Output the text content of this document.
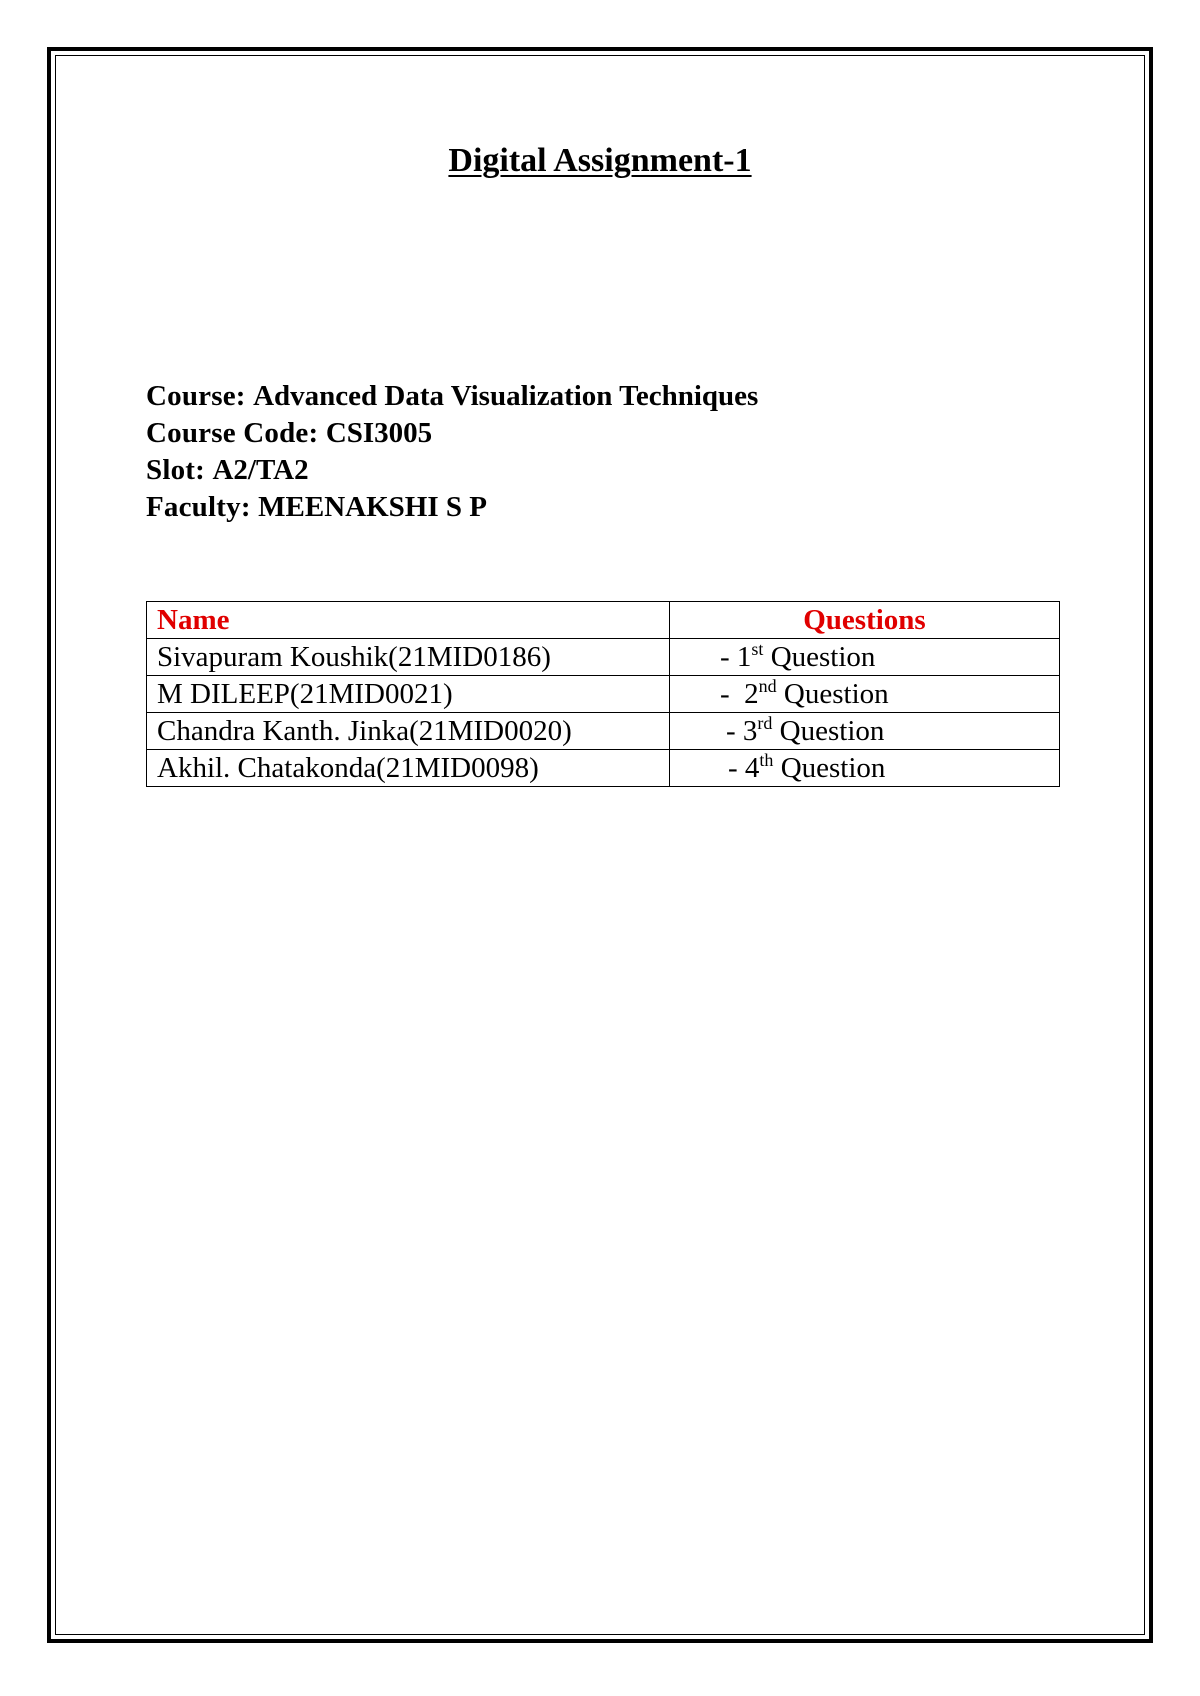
Digital Assignment-1
Course: Advanced Data Visualization Techniques
Course Code: CSI3005
Slot: A2/TA2
Faculty: MEENAKSHI S P
Name	Questions
Sivapuram Koushik(21MID0186)	- 1st Question
M DILEEP(21MID0021)	-  2nd Question
Chandra Kanth. Jinka(21MID0020)	- 3rd Question
Akhil. Chatakonda(21MID0098)	- 4th Question
